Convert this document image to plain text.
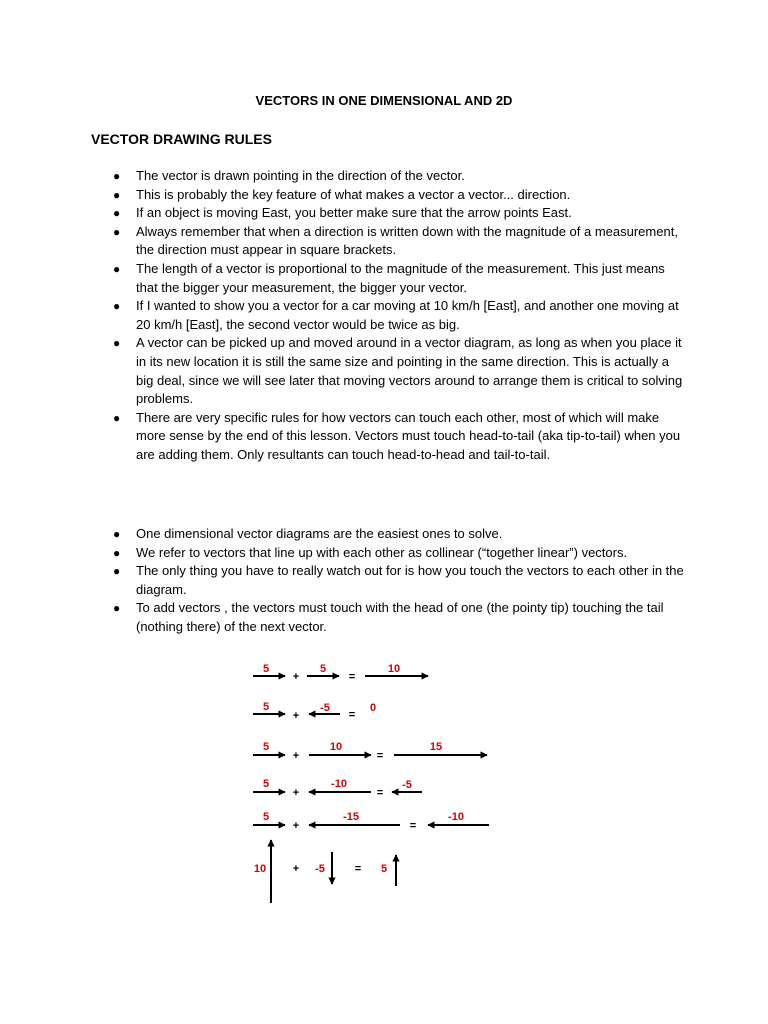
VECTORS IN ONE DIMENSIONAL AND 2D
VECTOR DRAWING RULES
● The vector is drawn pointing in the direction of the vector.
● This is probably the key feature of what makes a vector a vector... direction.
● If an object is moving East, you better make sure that the arrow points East.
● Always remember that when a direction is written down with the magnitude of a measurement, the direction must appear in square brackets.
● The length of a vector is proportional to the magnitude of the measurement. This just means that the bigger your measurement, the bigger your vector.
● If I wanted to show you a vector for a car moving at 10 km/h [East], and another one moving at 20 km/h [East], the second vector would be twice as big.
● A vector can be picked up and moved around in a vector diagram, as long as when you place it in its new location it is still the same size and pointing in the same direction. This is actually a big deal, since we will see later that moving vectors around to arrange them is critical to solving problems.
● There are very specific rules for how vectors can touch each other, most of which will make more sense by the end of this lesson. Vectors must touch head-to-tail (aka tip-to-tail) when you are adding them. Only resultants can touch head-to-head and tail-to-tail.
● One dimensional vector diagrams are the easiest ones to solve.
● We refer to vectors that line up with each other as collinear (“together linear”) vectors.
● The only thing you have to really watch out for is how you touch the vectors to each other in the diagram.
● To add vectors , the vectors must touch with the head of one (the pointy tip) touching the tail (nothing there) of the next vector.
5
+
5
=
10
5
+
-5
=
0
5
+
10
=
15
5
+
-10
=
-5
5
+
-15
=
-10
10 + -5	= 5
